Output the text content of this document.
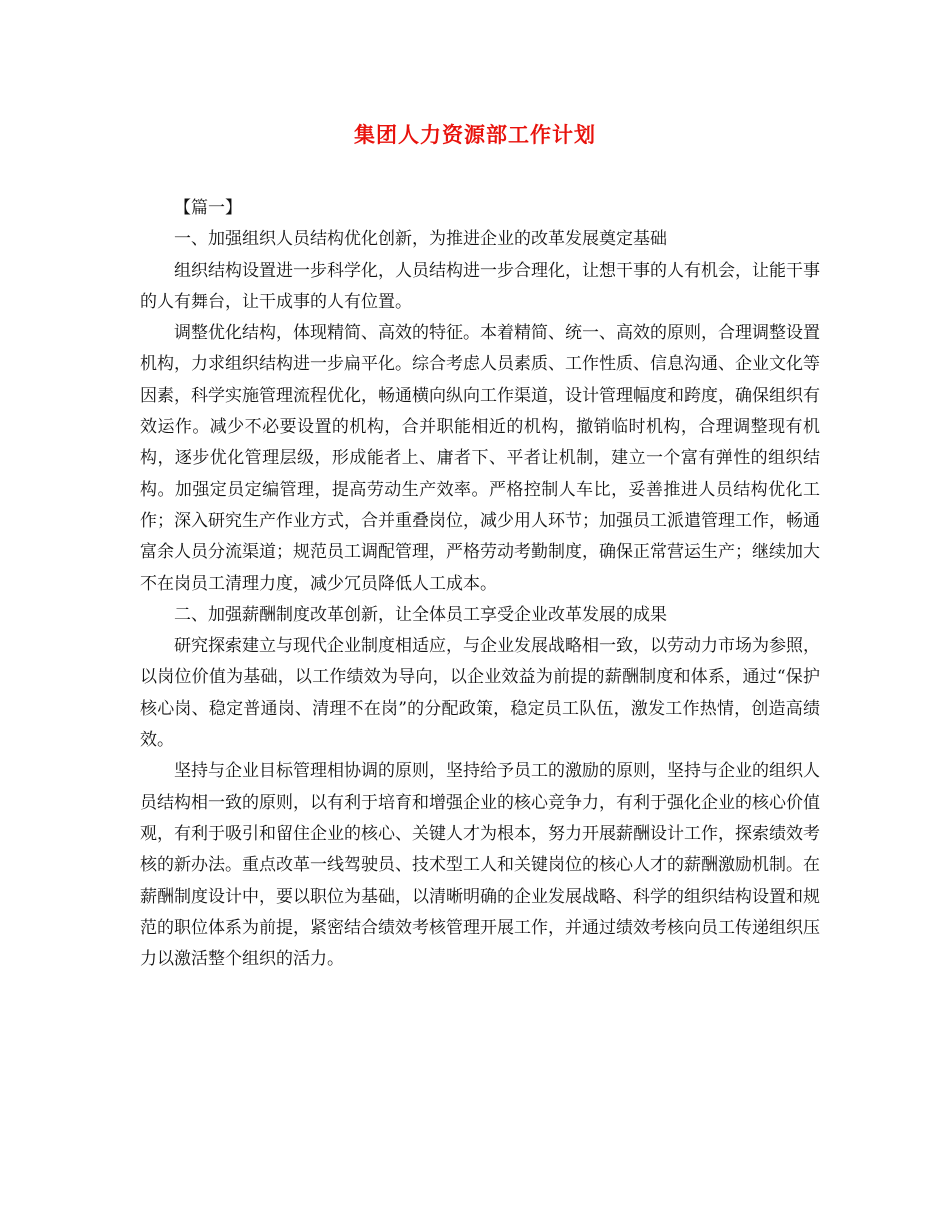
集团人力资源部工作计划

【篇一】

一、加强组织人员结构优化创新，为推进企业的改革发展奠定基础

组织结构设置进一步科学化，人员结构进一步合理化，让想干事的人有机会，让能干事的人有舞台，让干成事的人有位置。

调整优化结构，体现精简、高效的特征。本着精简、统一、高效的原则，合理调整设置机构，力求组织结构进一步扁平化。综合考虑人员素质、工作性质、信息沟通、企业文化等因素，科学实施管理流程优化，畅通横向纵向工作渠道，设计管理幅度和跨度，确保组织有效运作。减少不必要设置的机构，合并职能相近的机构，撤销临时机构，合理调整现有机构，逐步优化管理层级，形成能者上、庸者下、平者让机制，建立一个富有弹性的组织结构。加强定员定编管理，提高劳动生产效率。严格控制人车比，妥善推进人员结构优化工作；深入研究生产作业方式，合并重叠岗位，减少用人环节；加强员工派遣管理工作，畅通富余人员分流渠道；规范员工调配管理，严格劳动考勤制度，确保正常营运生产；继续加大不在岗员工清理力度，减少冗员降低人工成本。

二、加强薪酬制度改革创新，让全体员工享受企业改革发展的成果

研究探索建立与现代企业制度相适应，与企业发展战略相一致，以劳动力市场为参照，以岗位价值为基础，以工作绩效为导向，以企业效益为前提的薪酬制度和体系，通过“保护核心岗、稳定普通岗、清理不在岗”的分配政策，稳定员工队伍，激发工作热情，创造高绩效。

坚持与企业目标管理相协调的原则，坚持给予员工的激励的原则，坚持与企业的组织人员结构相一致的原则，以有利于培育和增强企业的核心竞争力，有利于强化企业的核心价值观，有利于吸引和留住企业的核心、关键人才为根本，努力开展薪酬设计工作，探索绩效考核的新办法。重点改革一线驾驶员、技术型工人和关键岗位的核心人才的薪酬激励机制。在薪酬制度设计中，要以职位为基础，以清晰明确的企业发展战略、科学的组织结构设置和规范的职位体系为前提，紧密结合绩效考核管理开展工作，并通过绩效考核向员工传递组织压力以激活整个组织的活力。
